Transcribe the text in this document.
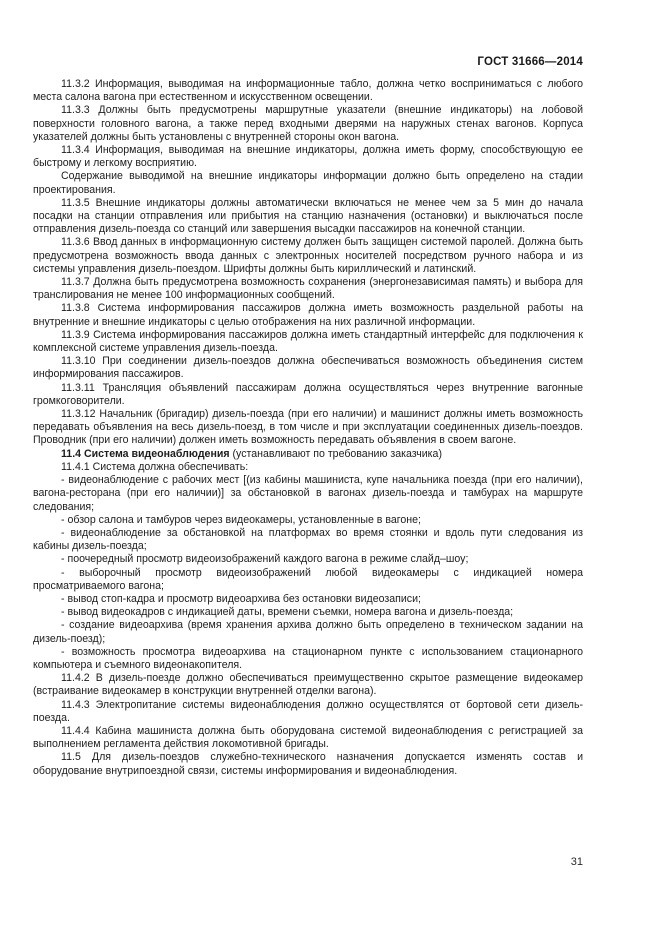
ГОСТ 31666—2014

11.3.2 Информация, выводимая на информационные табло, должна четко восприниматься с любого места салона вагона при естественном и искусственном освещении.

11.3.3 Должны быть предусмотрены маршрутные указатели (внешние индикаторы) на лобовой поверхности головного вагона, а также перед входными дверями на наружных стенах вагонов. Корпуса указателей должны быть установлены с внутренней стороны окон вагона.

11.3.4 Информация, выводимая на внешние индикаторы, должна иметь форму, способствующую ее быстрому и легкому восприятию.

Содержание выводимой на внешние индикаторы информации должно быть определено на стадии проектирования.

11.3.5 Внешние индикаторы должны автоматически включаться не менее чем за 5 мин до начала посадки на станции отправления или прибытия на станцию назначения (остановки) и выключаться после отправления дизель-поезда со станций или завершения высадки пассажиров на конечной станции.

11.3.6 Ввод данных в информационную систему должен быть защищен системой паролей. Должна быть предусмотрена возможность ввода данных с электронных носителей посредством ручного набора и из системы управления дизель-поездом. Шрифты должны быть кириллический и латинский.

11.3.7 Должна быть предусмотрена возможность сохранения (энергонезависимая память) и выбора для транслирования не менее 100 информационных сообщений.

11.3.8 Система информирования пассажиров должна иметь возможность раздельной работы на внутренние и внешние индикаторы с целью отображения на них различной информации.

11.3.9 Система информирования пассажиров должна иметь стандартный интерфейс для подключения к комплексной системе управления дизель-поезда.

11.3.10 При соединении дизель-поездов должна обеспечиваться возможность объединения систем информирования пассажиров.

11.3.11 Трансляция объявлений пассажирам должна осуществляться через внутренние вагонные громкоговорители.

11.3.12 Начальник (бригадир) дизель-поезда (при его наличии) и машинист должны иметь возможность передавать объявления на весь дизель-поезд, в том числе и при эксплуатации соединенных дизель-поездов. Проводник (при его наличии) должен иметь возможность передавать объявления в своем вагоне.

11.4 Система видеонаблюдения (устанавливают по требованию заказчика)

11.4.1 Система должна обеспечивать:

- видеонаблюдение с рабочих мест [(из кабины машиниста, купе начальника поезда (при его наличии), вагона-ресторана (при его наличии)] за обстановкой в вагонах дизель-поезда и тамбурах на маршруте следования;

- обзор салона и тамбуров через видеокамеры, установленные в вагоне;

- видеонаблюдение за обстановкой на платформах во время стоянки и вдоль пути следования из кабины дизель-поезда;

- поочередный просмотр видеоизображений каждого вагона в режиме слайд–шоу;

- выборочный просмотр видеоизображений любой видеокамеры с индикацией номера просматриваемого вагона;

- вывод стоп-кадра и просмотр видеоархива без остановки видеозаписи;

- вывод видеокадров с индикацией даты, времени съемки, номера вагона и дизель-поезда;

- создание видеоархива (время хранения архива должно быть определено в техническом задании на дизель-поезд);

- возможность просмотра видеоархива на стационарном пункте с использованием стационарного компьютера и съемного видеонакопителя.

11.4.2 В дизель-поезде должно обеспечиваться преимущественно скрытое размещение видеокамер (встраивание видеокамер в конструкции внутренней отделки вагона).

11.4.3 Электропитание системы видеонаблюдения должно осуществлятся от бортовой сети дизель-поезда.

11.4.4 Кабина машиниста должна быть оборудована системой видеонаблюдения с регистрацией за выполнением регламента действия локомотивной бригады.

11.5 Для дизель-поездов служебно-технического назначения допускается изменять состав и оборудование внутрипоездной связи, системы информирования и видеонаблюдения.

31
